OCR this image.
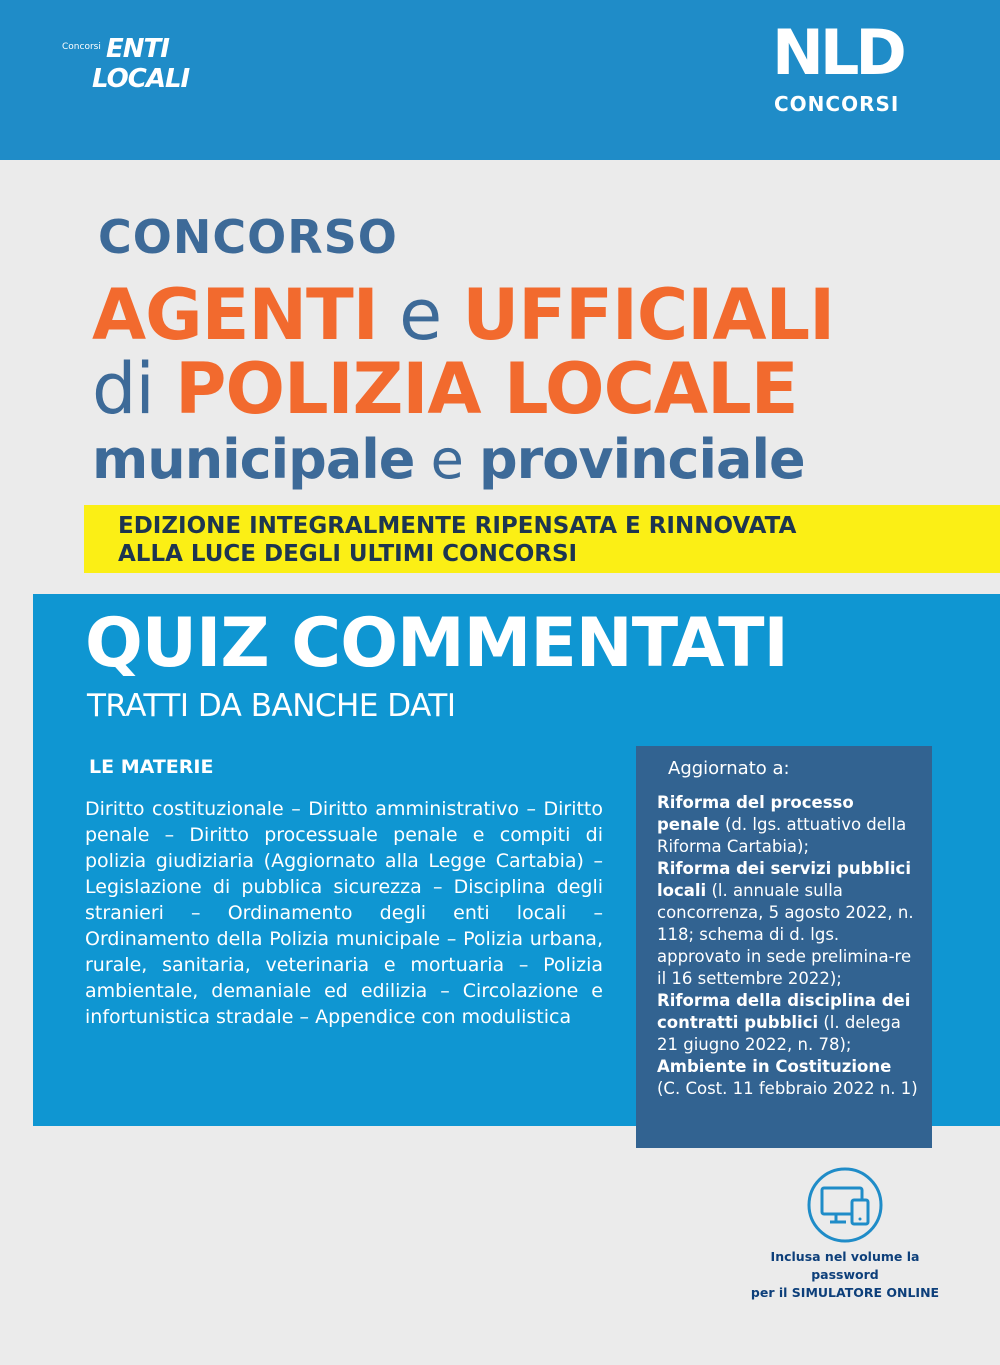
Concorsi ENTI
LOCALI	NLD
CONCORSI
CONCORSO
AGENTI e UFFICIALI
di POLIZIA LOCALE
municipale e provinciale
EDIZIONE INTEGRALMENTE RIPENSATA E RINNOVATA
ALLA LUCE DEGLI ULTIMI CONCORSI
QUIZ COMMENTATI
TRATTI DA BANCHE DATI
LE MATERIE
Diritto costituzionale – Diritto amministrativo – Diritto penale – Diritto processuale penale e compiti di polizia giudiziaria (Aggiornato alla Legge Cartabia) – Legislazione di pubblica sicurezza – Disciplina degli stranieri – Ordinamento degli enti locali – Ordinamento della Polizia municipale – Polizia urbana, rurale, sanitaria, veterinaria e mortuaria – Polizia ambientale, demaniale ed edilizia – Circolazione e infortunistica stradale – Appendice con modulistica
Aggiornato a:
Riforma del processo penale (d. lgs. attuativo della Riforma Cartabia);
Riforma dei servizi pubblici locali (l. annuale sulla concorrenza, 5 agosto 2022, n. 118; schema di d. lgs. approvato in sede prelimina-re il 16 settembre 2022);
Riforma della disciplina dei contratti pubblici (l. delega 21 giugno 2022, n. 78);
Ambiente in Costituzione (C. Cost. 11 febbraio 2022 n. 1)
Inclusa nel volume la password
per il SIMULATORE ONLINE
